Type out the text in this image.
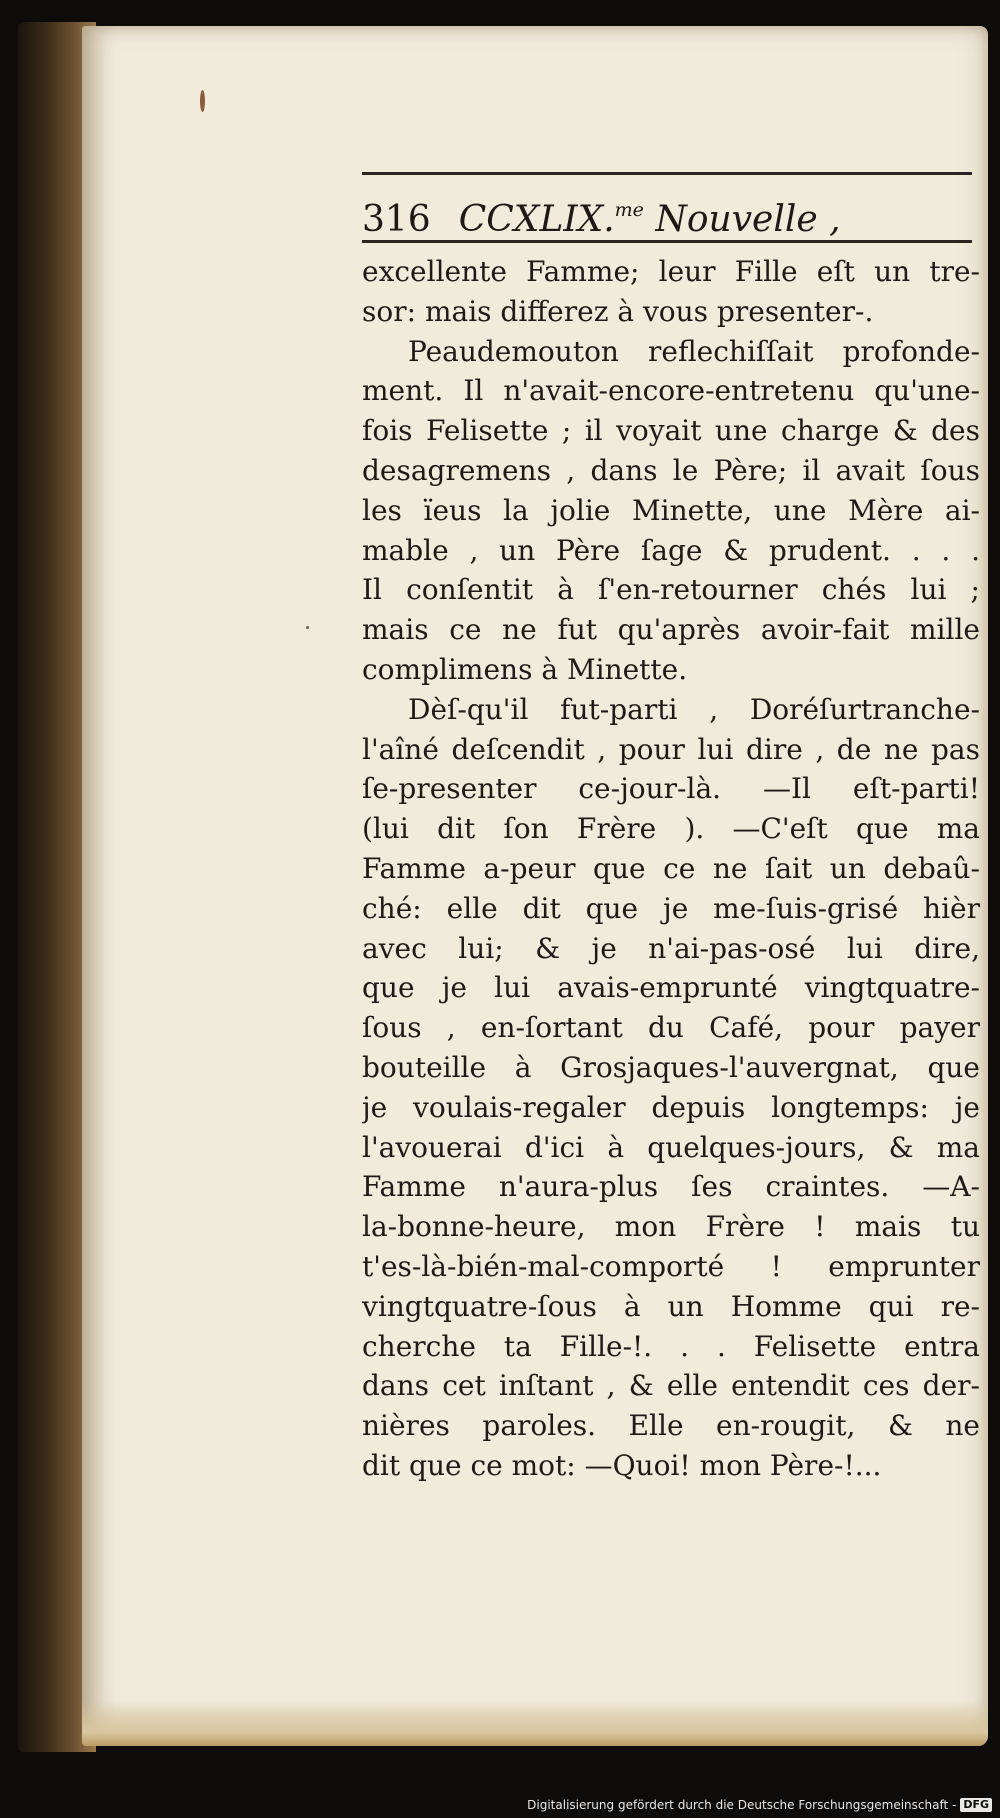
316 CCXLIX.$^{me}$ Nouvelle ,
excellente Famme; leur Fille eſt un tre-
sor: mais differez à vous presenter-.
Peaudemouton reflechiſſait profonde-
ment. Il n'avait-encore-entretenu qu'une-
fois Felisette ; il voyait une charge & des
desagremens , dans le Père; il avait ſous
les ïeus la jolie Minette, une Mère ai-
mable , un Père ſage & prudent. . . .
Il conſentit à ſ'en-retourner chés lui ;
mais ce ne fut qu'après avoir-fait mille
complimens à Minette.
Dèſ-qu'il fut-parti , Doréſurtranche-
l'aîné deſcendit , pour lui dire , de ne pas
ſe-presenter ce-jour-là. —Il eſt-parti!
(lui dit ſon Frère ). —C'eſt que ma
Famme a-peur que ce ne ſait un debaû-
ché: elle dit que je me-ſuis-grisé hièr
avec lui; & je n'ai-pas-osé lui dire,
que je lui avais-emprunté vingtquatre-
ſous , en-ſortant du Café, pour payer
bouteille à Grosjaques-l'auvergnat, que
je voulais-regaler depuis longtemps: je
l'avouerai d'ici à quelques-jours, & ma
Famme n'aura-plus ſes craintes. —A-
la-bonne-heure, mon Frère ! mais tu
t'es-là-bién-mal-comporté ! emprunter
vingtquatre-ſous à un Homme qui re-
cherche ta Fille-!. . . Felisette entra
dans cet inſtant , & elle entendit ces der-
nières paroles. Elle en-rougit, & ne
dit que ce mot: —Quoi! mon Père-!...
Digitalisierung gefördert durch die Deutsche Forschungsgemeinschaft - DFG
